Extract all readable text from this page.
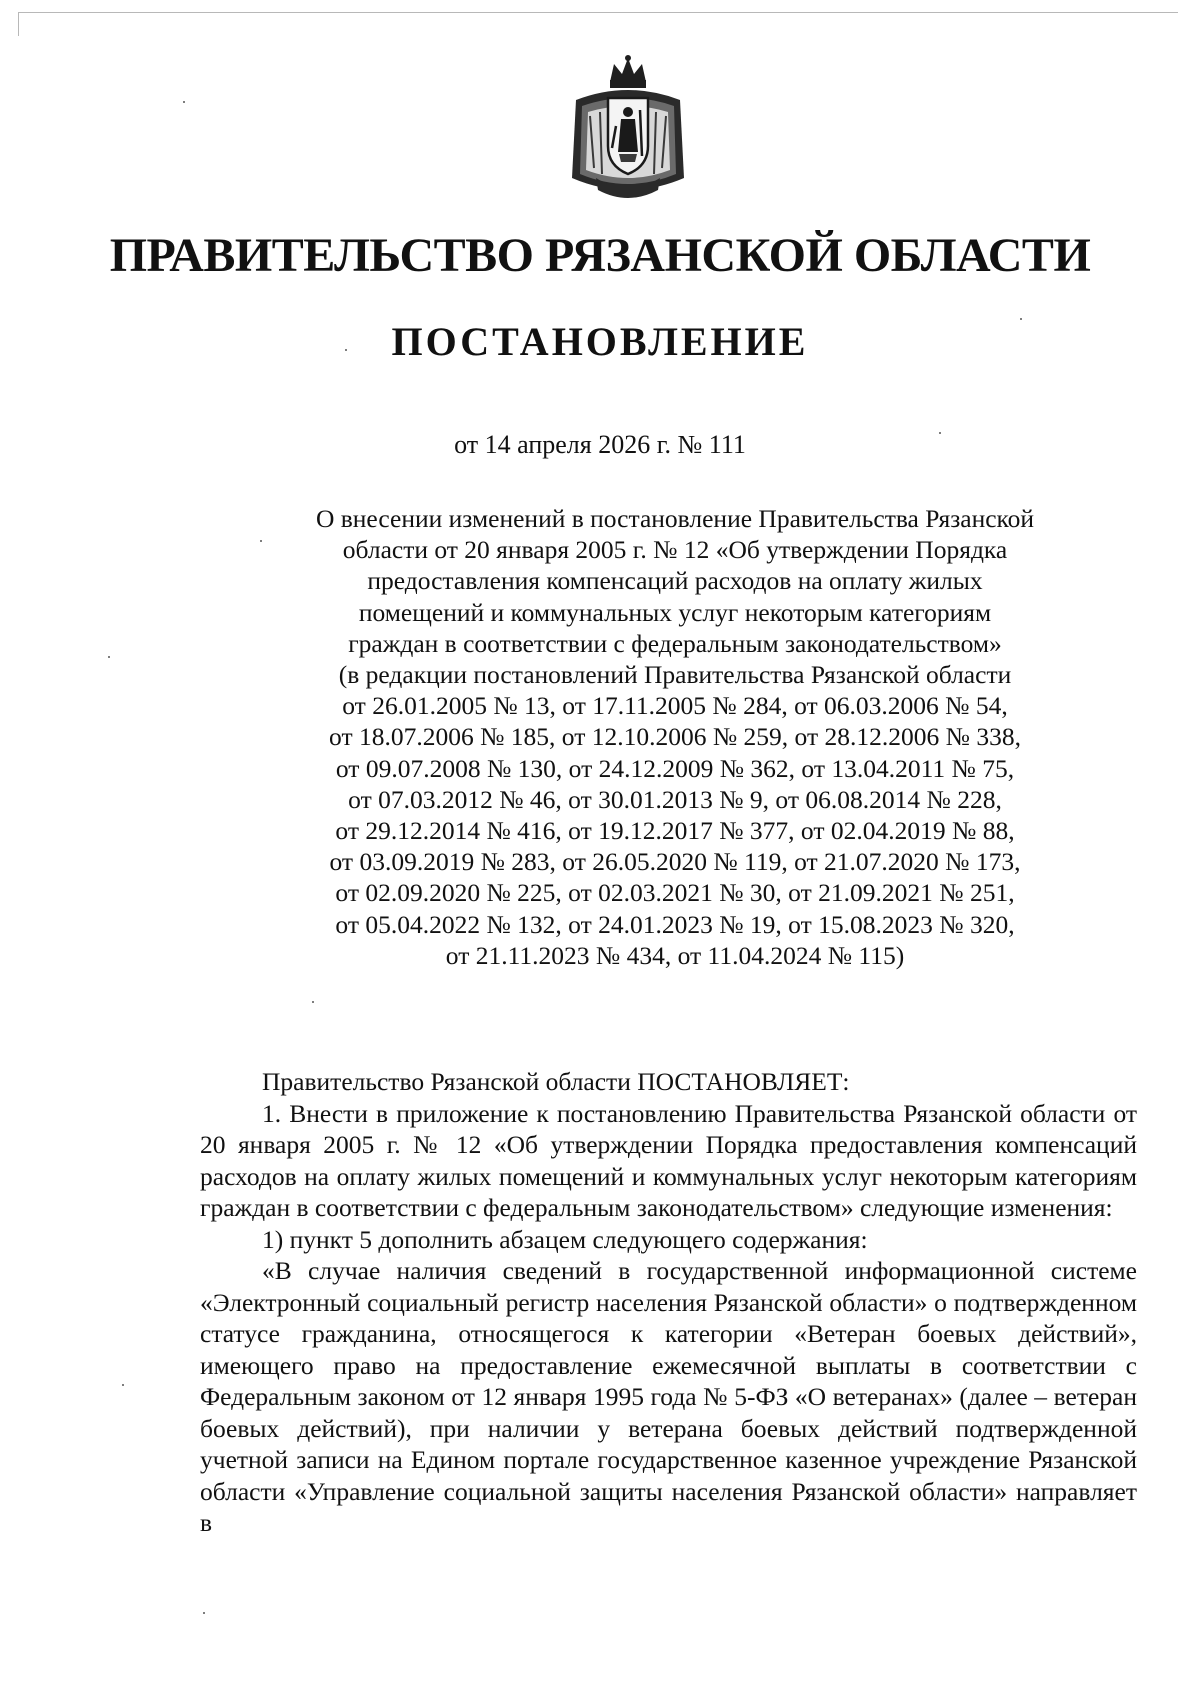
ПРАВИТЕЛЬСТВО РЯЗАНСКОЙ ОБЛАСТИ
ПОСТАНОВЛЕНИЕ
от 14 апреля 2026 г. № 111
О внесении изменений в постановление Правительства Рязанской
области от 20 января 2005 г. № 12 «Об утверждении Порядка
предоставления компенсаций расходов на оплату жилых
помещений и коммунальных услуг некоторым категориям
граждан в соответствии с федеральным законодательством»
(в редакции постановлений Правительства Рязанской области
от 26.01.2005 № 13, от 17.11.2005 № 284, от 06.03.2006 № 54,
от 18.07.2006 № 185, от 12.10.2006 № 259, от 28.12.2006 № 338,
от 09.07.2008 № 130, от 24.12.2009 № 362, от 13.04.2011 № 75,
от 07.03.2012 № 46, от 30.01.2013 № 9, от 06.08.2014 № 228,
от 29.12.2014 № 416, от 19.12.2017 № 377, от 02.04.2019 № 88,
от 03.09.2019 № 283, от 26.05.2020 № 119, от 21.07.2020 № 173,
от 02.09.2020 № 225, от 02.03.2021 № 30, от 21.09.2021 № 251,
от 05.04.2022 № 132, от 24.01.2023 № 19, от 15.08.2023 № 320,
от 21.11.2023 № 434, от 11.04.2024 № 115)

Правительство Рязанской области ПОСТАНОВЛЯЕТ:

1. Внести в приложение к постановлению Правительства Рязанской области от 20 января 2005 г. № 12 «Об утверждении Порядка предоставления компенсаций расходов на оплату жилых помещений и коммунальных услуг некоторым категориям граждан в соответствии с федеральным законодательством» следующие изменения:

1) пункт 5 дополнить абзацем следующего содержания:

«В случае наличия сведений в государственной информационной системе «Электронный социальный регистр населения Рязанской области» о подтвержденном статусе гражданина, относящегося к категории «Ветеран боевых действий», имеющего право на предоставление ежемесячной выплаты в соответствии с Федеральным законом от 12 января 1995 года № 5-ФЗ «О ветеранах» (далее – ветеран боевых действий), при наличии у ветерана боевых действий подтвержденной учетной записи на Едином портале государственное казенное учреждение Рязанской области «Управление социальной защиты населения Рязанской области» направляет в
